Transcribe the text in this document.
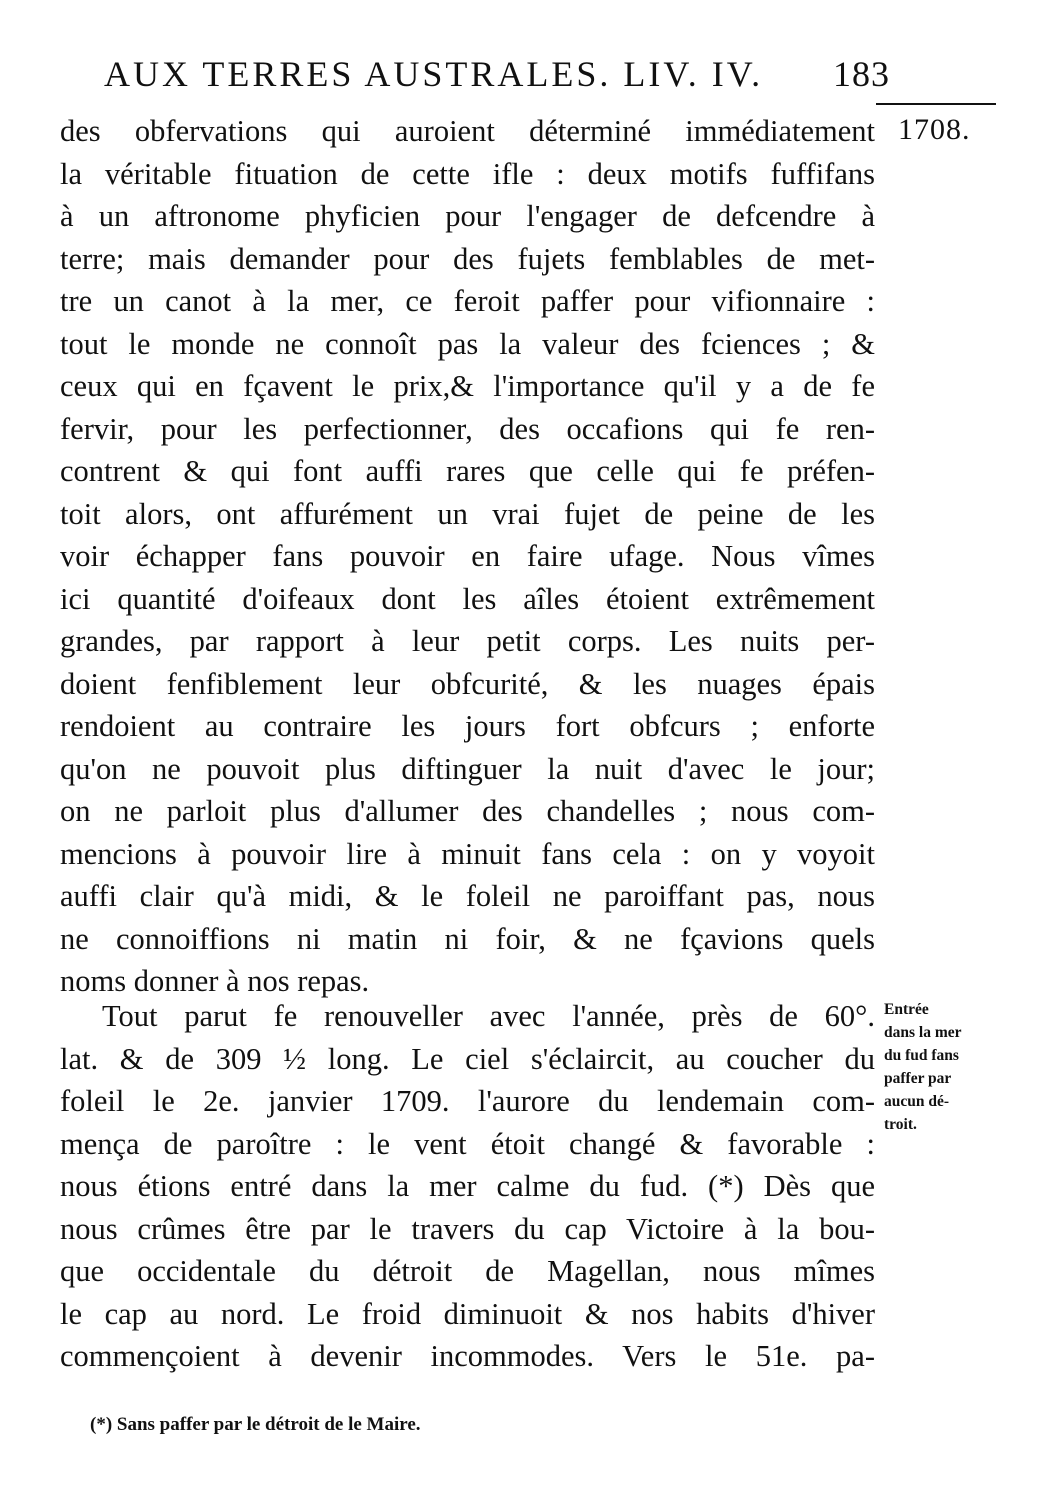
AUX TERRES AUSTRALES. LIV. IV. 183
1708.
des obfervations qui auroient déterminé immédiatement
la véritable fituation de cette ifle : deux motifs fuffifans
à un aftronome phyficien pour l'engager de defcendre à
terre; mais demander pour des fujets femblables de met-
tre un canot à la mer, ce feroit paffer pour vifionnaire :
tout le monde ne connoît pas la valeur des fciences ; &
ceux qui en fçavent le prix,& l'importance qu'il y a de fe
fervir, pour les perfectionner, des occafions qui fe ren-
contrent & qui font auffi rares que celle qui fe préfen-
toit alors, ont affurément un vrai fujet de peine de les
voir échapper fans pouvoir en faire ufage. Nous vîmes
ici quantité d'oifeaux dont les aîles étoient extrêmement
grandes, par rapport à leur petit corps. Les nuits per-
doient fenfiblement leur obfcurité, & les nuages épais
rendoient au contraire les jours fort obfcurs ; enforte
qu'on ne pouvoit plus diftinguer la nuit d'avec le jour;
on ne parloit plus d'allumer des chandelles ; nous com-
mencions à pouvoir lire à minuit fans cela : on y voyoit
auffi clair qu'à midi, & le foleil ne paroiffant pas, nous
ne connoiffions ni matin ni foir, & ne fçavions quels
noms donner à nos repas.
Tout parut fe renouveller avec l'année, près de 60°.
lat. & de 309 ½ long. Le ciel s'éclaircit, au coucher du
foleil le 2e. janvier 1709. l'aurore du lendemain com-
mença de paroître : le vent étoit changé & favorable :
nous étions entré dans la mer calme du fud. (*) Dès que
nous crûmes être par le travers du cap Victoire à la bou-
que occidentale du détroit de Magellan, nous mîmes
le cap au nord. Le froid diminuoit & nos habits d'hiver
commençoient à devenir incommodes. Vers le 51e. pa-
Entrée
dans la mer
du fud fans
paffer par
aucun dé-
troit.
(*) Sans paffer par le détroit de le Maire.
